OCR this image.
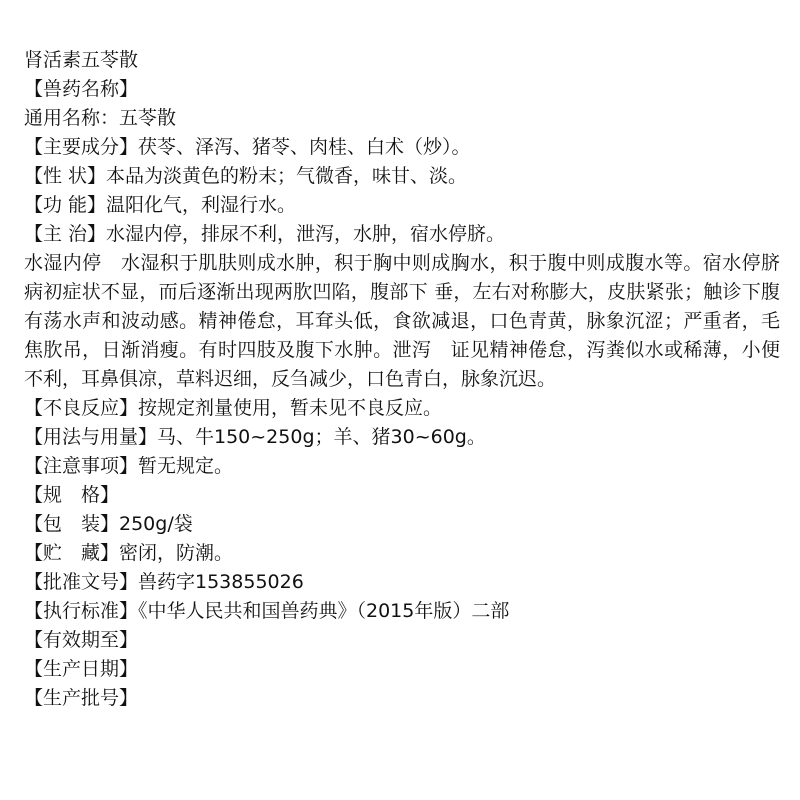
肾活素五苓散
【兽药名称】
通用名称：五苓散
【主要成分】茯苓、泽泻、猪苓、肉桂、白术（炒）。
【性 状】本品为淡黄色的粉末；气微香，味甘、淡。
【功 能】温阳化气，利湿行水。
【主 治】水湿内停，排尿不利，泄泻，水肿，宿水停脐。
水湿内停　水湿积于肌肤则成水肿，积于胸中则成胸水，积于腹中则成腹水等。宿水停脐　病初症状不显，而后逐渐出现两肷凹陷，腹部下 垂，左右对称膨大，皮肤紧张；触诊下腹有荡水声和波动感。精神倦怠，耳耷头低，食欲减退，口色青黄，脉象沉涩；严重者，毛焦肷吊，日渐消瘦。有时四肢及腹下水肿。泄泻　证见精神倦怠，泻粪似水或稀薄，小便不利，耳鼻俱凉，草料迟细，反刍减少，口色青白，脉象沉迟。
【不良反应】按规定剂量使用，暂未见不良反应。
【用法与用量】马、牛150~250g；羊、猪30~60g。
【注意事项】暂无规定。
【规　格】
【包　装】250g/袋
【贮　藏】密闭，防潮。
【批准文号】兽药字153855026
【执行标准】《中华人民共和国兽药典》（2015年版）二部
【有效期至】
【生产日期】
【生产批号】
